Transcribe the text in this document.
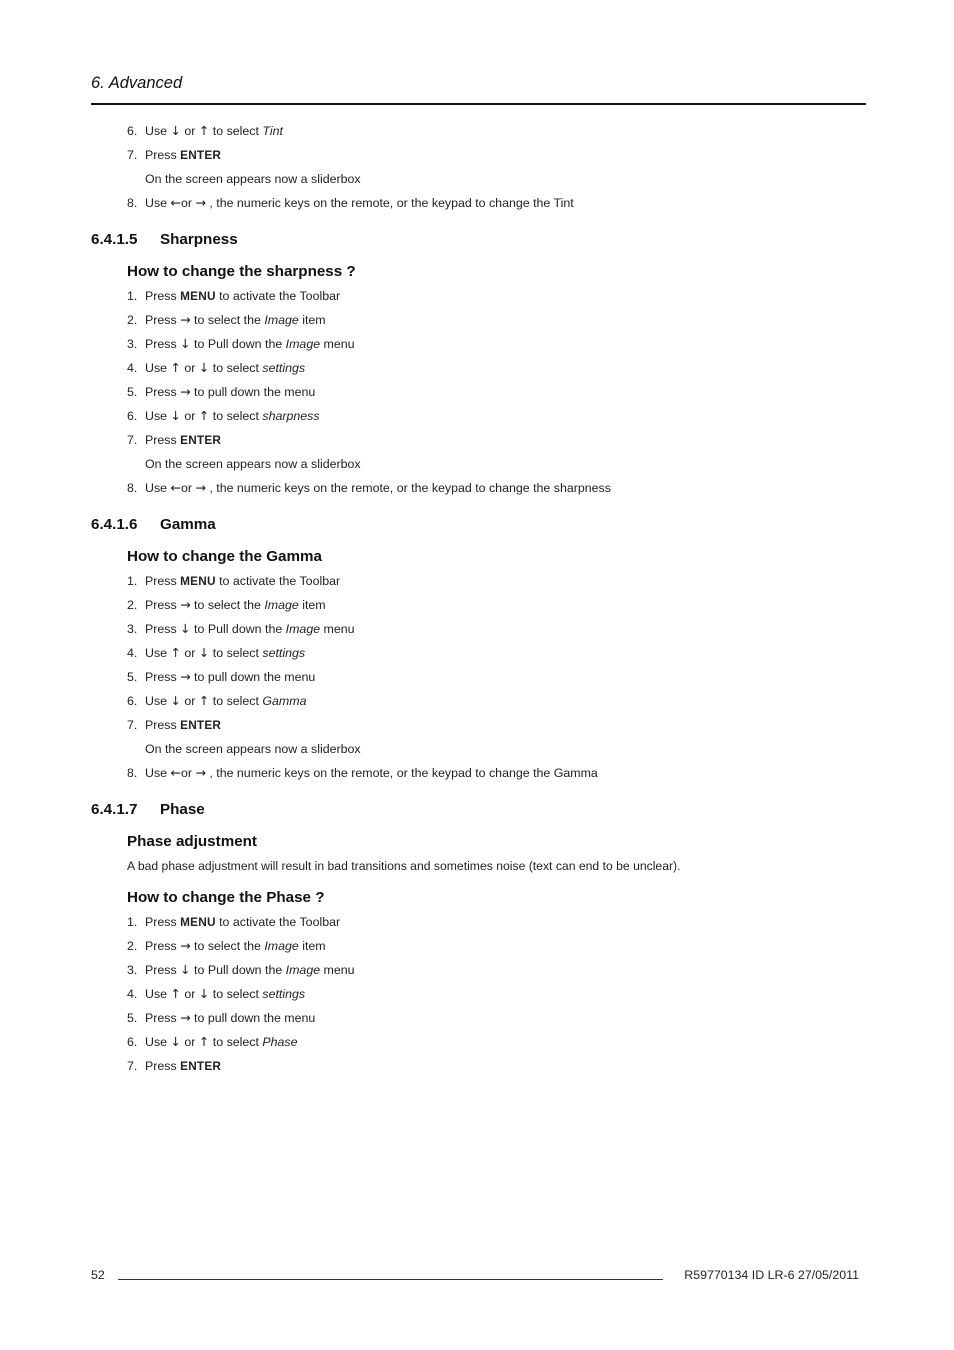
6. Advanced
6. Use ↓ or ↑ to select Tint
7. Press ENTER
On the screen appears now a sliderbox
8. Use ←or → , the numeric keys on the remote, or the keypad to change the Tint
6.4.1.5 Sharpness
How to change the sharpness ?
1. Press MENU to activate the Toolbar
2. Press → to select the Image item
3. Press ↓ to Pull down the Image menu
4. Use ↑ or ↓ to select settings
5. Press → to pull down the menu
6. Use ↓ or ↑ to select sharpness
7. Press ENTER
On the screen appears now a sliderbox
8. Use ←or → , the numeric keys on the remote, or the keypad to change the sharpness
6.4.1.6 Gamma
How to change the Gamma
1. Press MENU to activate the Toolbar
2. Press → to select the Image item
3. Press ↓ to Pull down the Image menu
4. Use ↑ or ↓ to select settings
5. Press → to pull down the menu
6. Use ↓ or ↑ to select Gamma
7. Press ENTER
On the screen appears now a sliderbox
8. Use ←or → , the numeric keys on the remote, or the keypad to change the Gamma
6.4.1.7 Phase
Phase adjustment

A bad phase adjustment will result in bad transitions and sometimes noise (text can end to be unclear).

How to change the Phase ?
1. Press MENU to activate the Toolbar
2. Press → to select the Image item
3. Press ↓ to Pull down the Image menu
4. Use ↑ or ↓ to select settings
5. Press → to pull down the menu
6. Use ↓ or ↑ to select Phase
7. Press ENTER
52	R59770134 ID LR-6 27/05/2011
